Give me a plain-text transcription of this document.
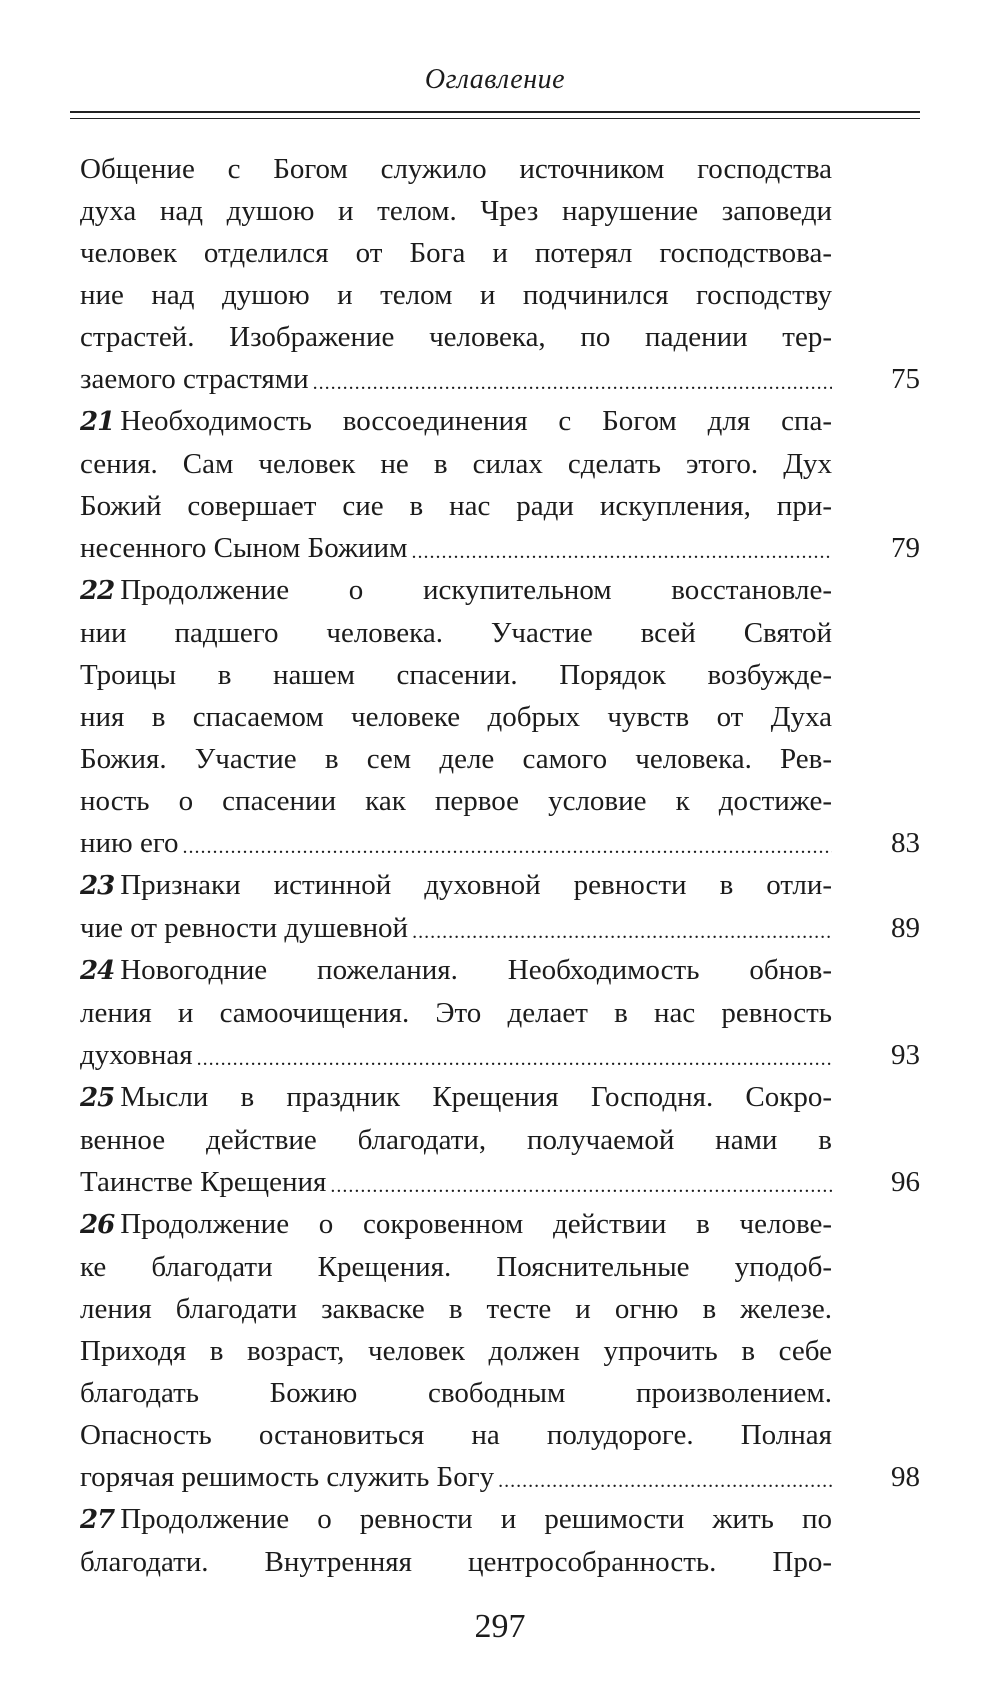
Оглавление
Общение с Богом служило источником господства
духа над душою и телом. Чрез нарушение заповеди
человек отделился от Бога и потерял господствова-
ние над душою и телом и подчинился господству
страстей. Изображение человека, по падении тер-
заемого страстями .....	75
21 Необходимость воссоединения с Богом для спа-
сения. Сам человек не в силах сделать этого. Дух
Божий совершает сие в нас ради искупления, при-
несенного Сыном Божиим .....	79
22 Продолжение о искупительном восстановле-
нии падшего человека. Участие всей Святой
Троицы в нашем спасении. Порядок возбужде-
ния в спасаемом человеке добрых чувств от Духа
Божия. Участие в сем деле самого человека. Рев-
ность о спасении как первое условие к достиже-
нию его .....	83
23 Признаки истинной духовной ревности в отли-
чие от ревности душевной .....	89
24 Новогодние пожелания. Необходимость обнов-
ления и самоочищения. Это делает в нас ревность
духовная .....	93
25 Мысли в праздник Крещения Господня. Сокро-
венное действие благодати, получаемой нами в
Таинстве Крещения .....	96
26 Продолжение о сокровенном действии в челове-
ке благодати Крещения. Пояснительные уподоб-
ления благодати закваске в тесте и огню в железе.
Приходя в возраст, человек должен упрочить в себе
благодать Божию свободным произволением.
Опасность остановиться на полудороге. Полная
горячая решимость служить Богу .....	98
27 Продолжение о ревности и решимости жить по
благодати. Внутренняя центрособранность. Про-
297
